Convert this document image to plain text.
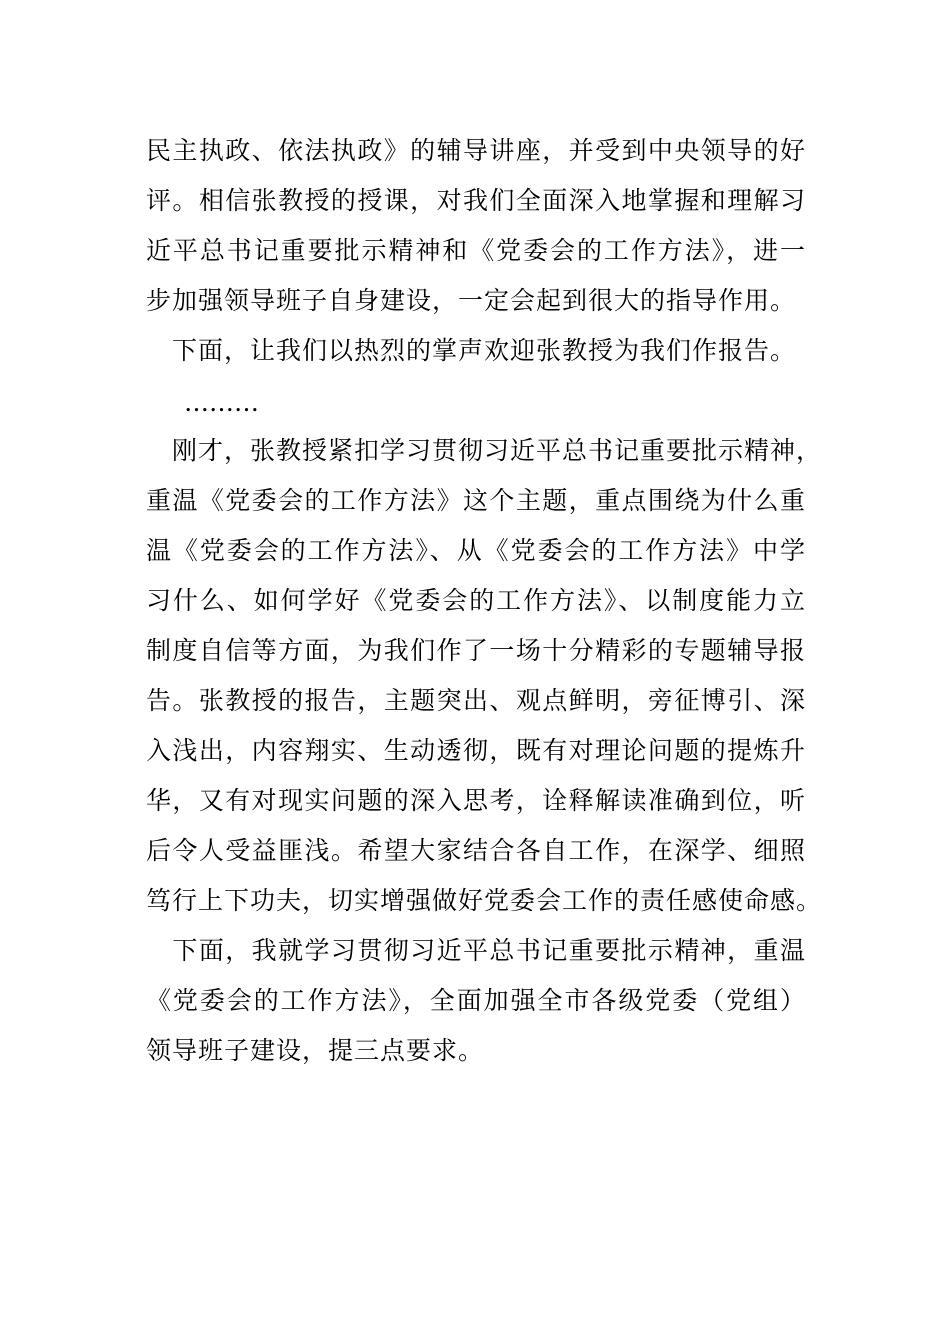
民主执政、依法执政》的辅导讲座，并受到中央领导的好
评。相信张教授的授课，对我们全面深入地掌握和理解习
近平总书记重要批示精神和《党委会的工作方法》，进一
步加强领导班子自身建设，一定会起到很大的指导作用。
　下面，让我们以热烈的掌声欢迎张教授为我们作报告。
………
　刚才，张教授紧扣学习贯彻习近平总书记重要批示精神，
重温《党委会的工作方法》这个主题，重点围绕为什么重
温《党委会的工作方法》、从《党委会的工作方法》中学
习什么、如何学好《党委会的工作方法》、以制度能力立
制度自信等方面，为我们作了一场十分精彩的专题辅导报
告。张教授的报告，主题突出、观点鲜明，旁征博引、深
入浅出，内容翔实、生动透彻，既有对理论问题的提炼升
华，又有对现实问题的深入思考，诠释解读准确到位，听
后令人受益匪浅。希望大家结合各自工作，在深学、细照
笃行上下功夫，切实增强做好党委会工作的责任感使命感。
　下面，我就学习贯彻习近平总书记重要批示精神，重温
《党委会的工作方法》，全面加强全市各级党委（党组）
领导班子建设，提三点要求。
